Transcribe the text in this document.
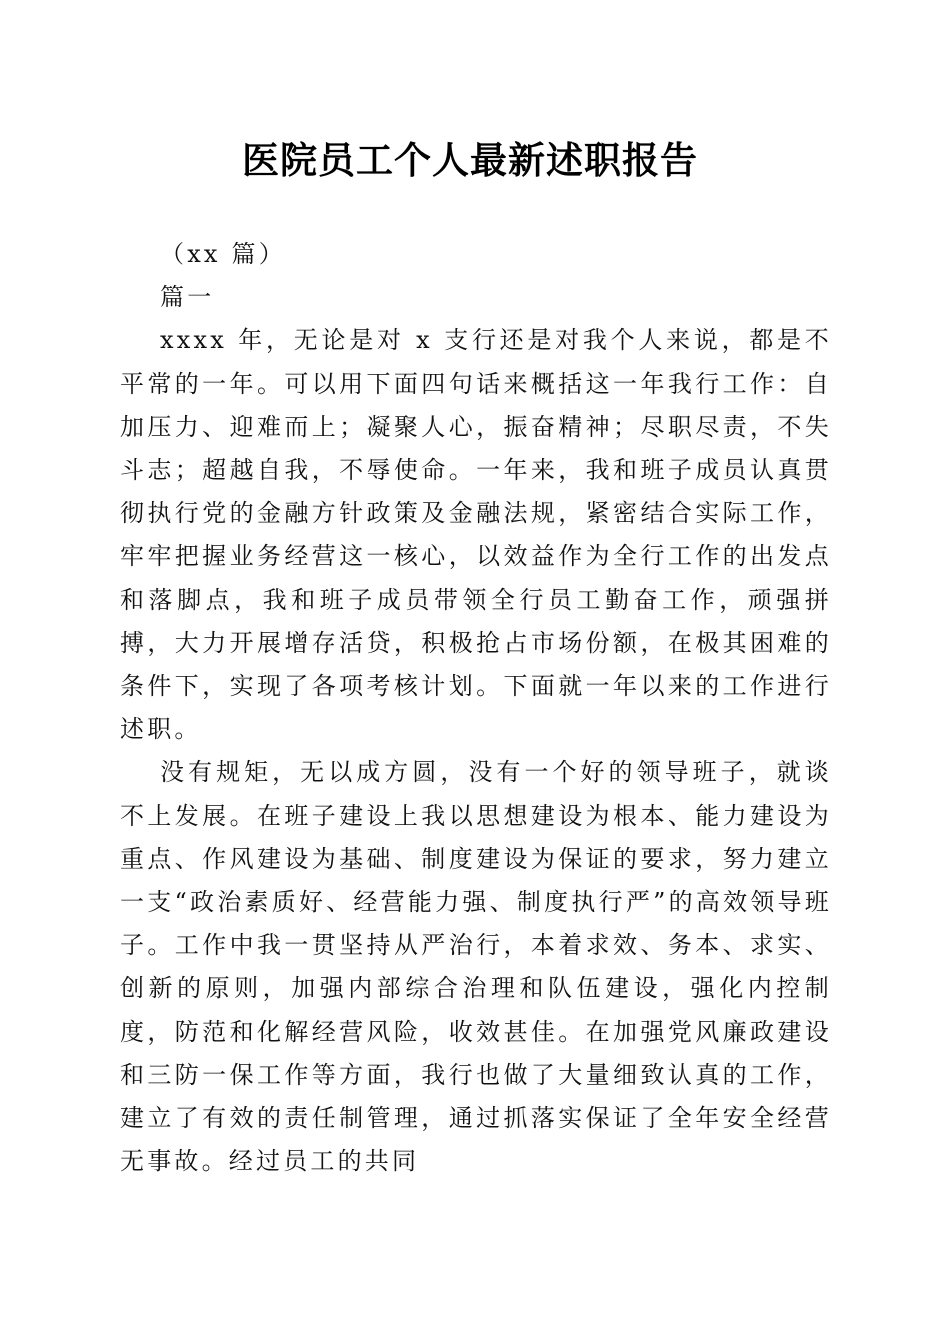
医院员工个人最新述职报告

（xx 篇）

篇一

xxxx 年，无论是对 x 支行还是对我个人来说，都是不平常的一年。可以用下面四句话来概括这一年我行工作：自加压力、迎难而上；凝聚人心，振奋精神；尽职尽责，不失斗志；超越自我，不辱使命。一年来，我和班子成员认真贯彻执行党的金融方针政策及金融法规，紧密结合实际工作，牢牢把握业务经营这一核心，以效益作为全行工作的出发点和落脚点，我和班子成员带领全行员工勤奋工作，顽强拼搏，大力开展增存活贷，积极抢占市场份额，在极其困难的条件下，实现了各项考核计划。下面就一年以来的工作进行述职。

没有规矩，无以成方圆，没有一个好的领导班子，就谈不上发展。在班子建设上我以思想建设为根本、能力建设为重点、作风建设为基础、制度建设为保证的要求，努力建立一支“政治素质好、经营能力强、制度执行严”的高效领导班子。工作中我一贯坚持从严治行，本着求效、务本、求实、创新的原则，加强内部综合治理和队伍建设，强化内控制度，防范和化解经营风险，收效甚佳。在加强党风廉政建设和三防一保工作等方面，我行也做了大量细致认真的工作，建立了有效的责任制管理，通过抓落实保证了全年安全经营无事故。经过员工的共同
